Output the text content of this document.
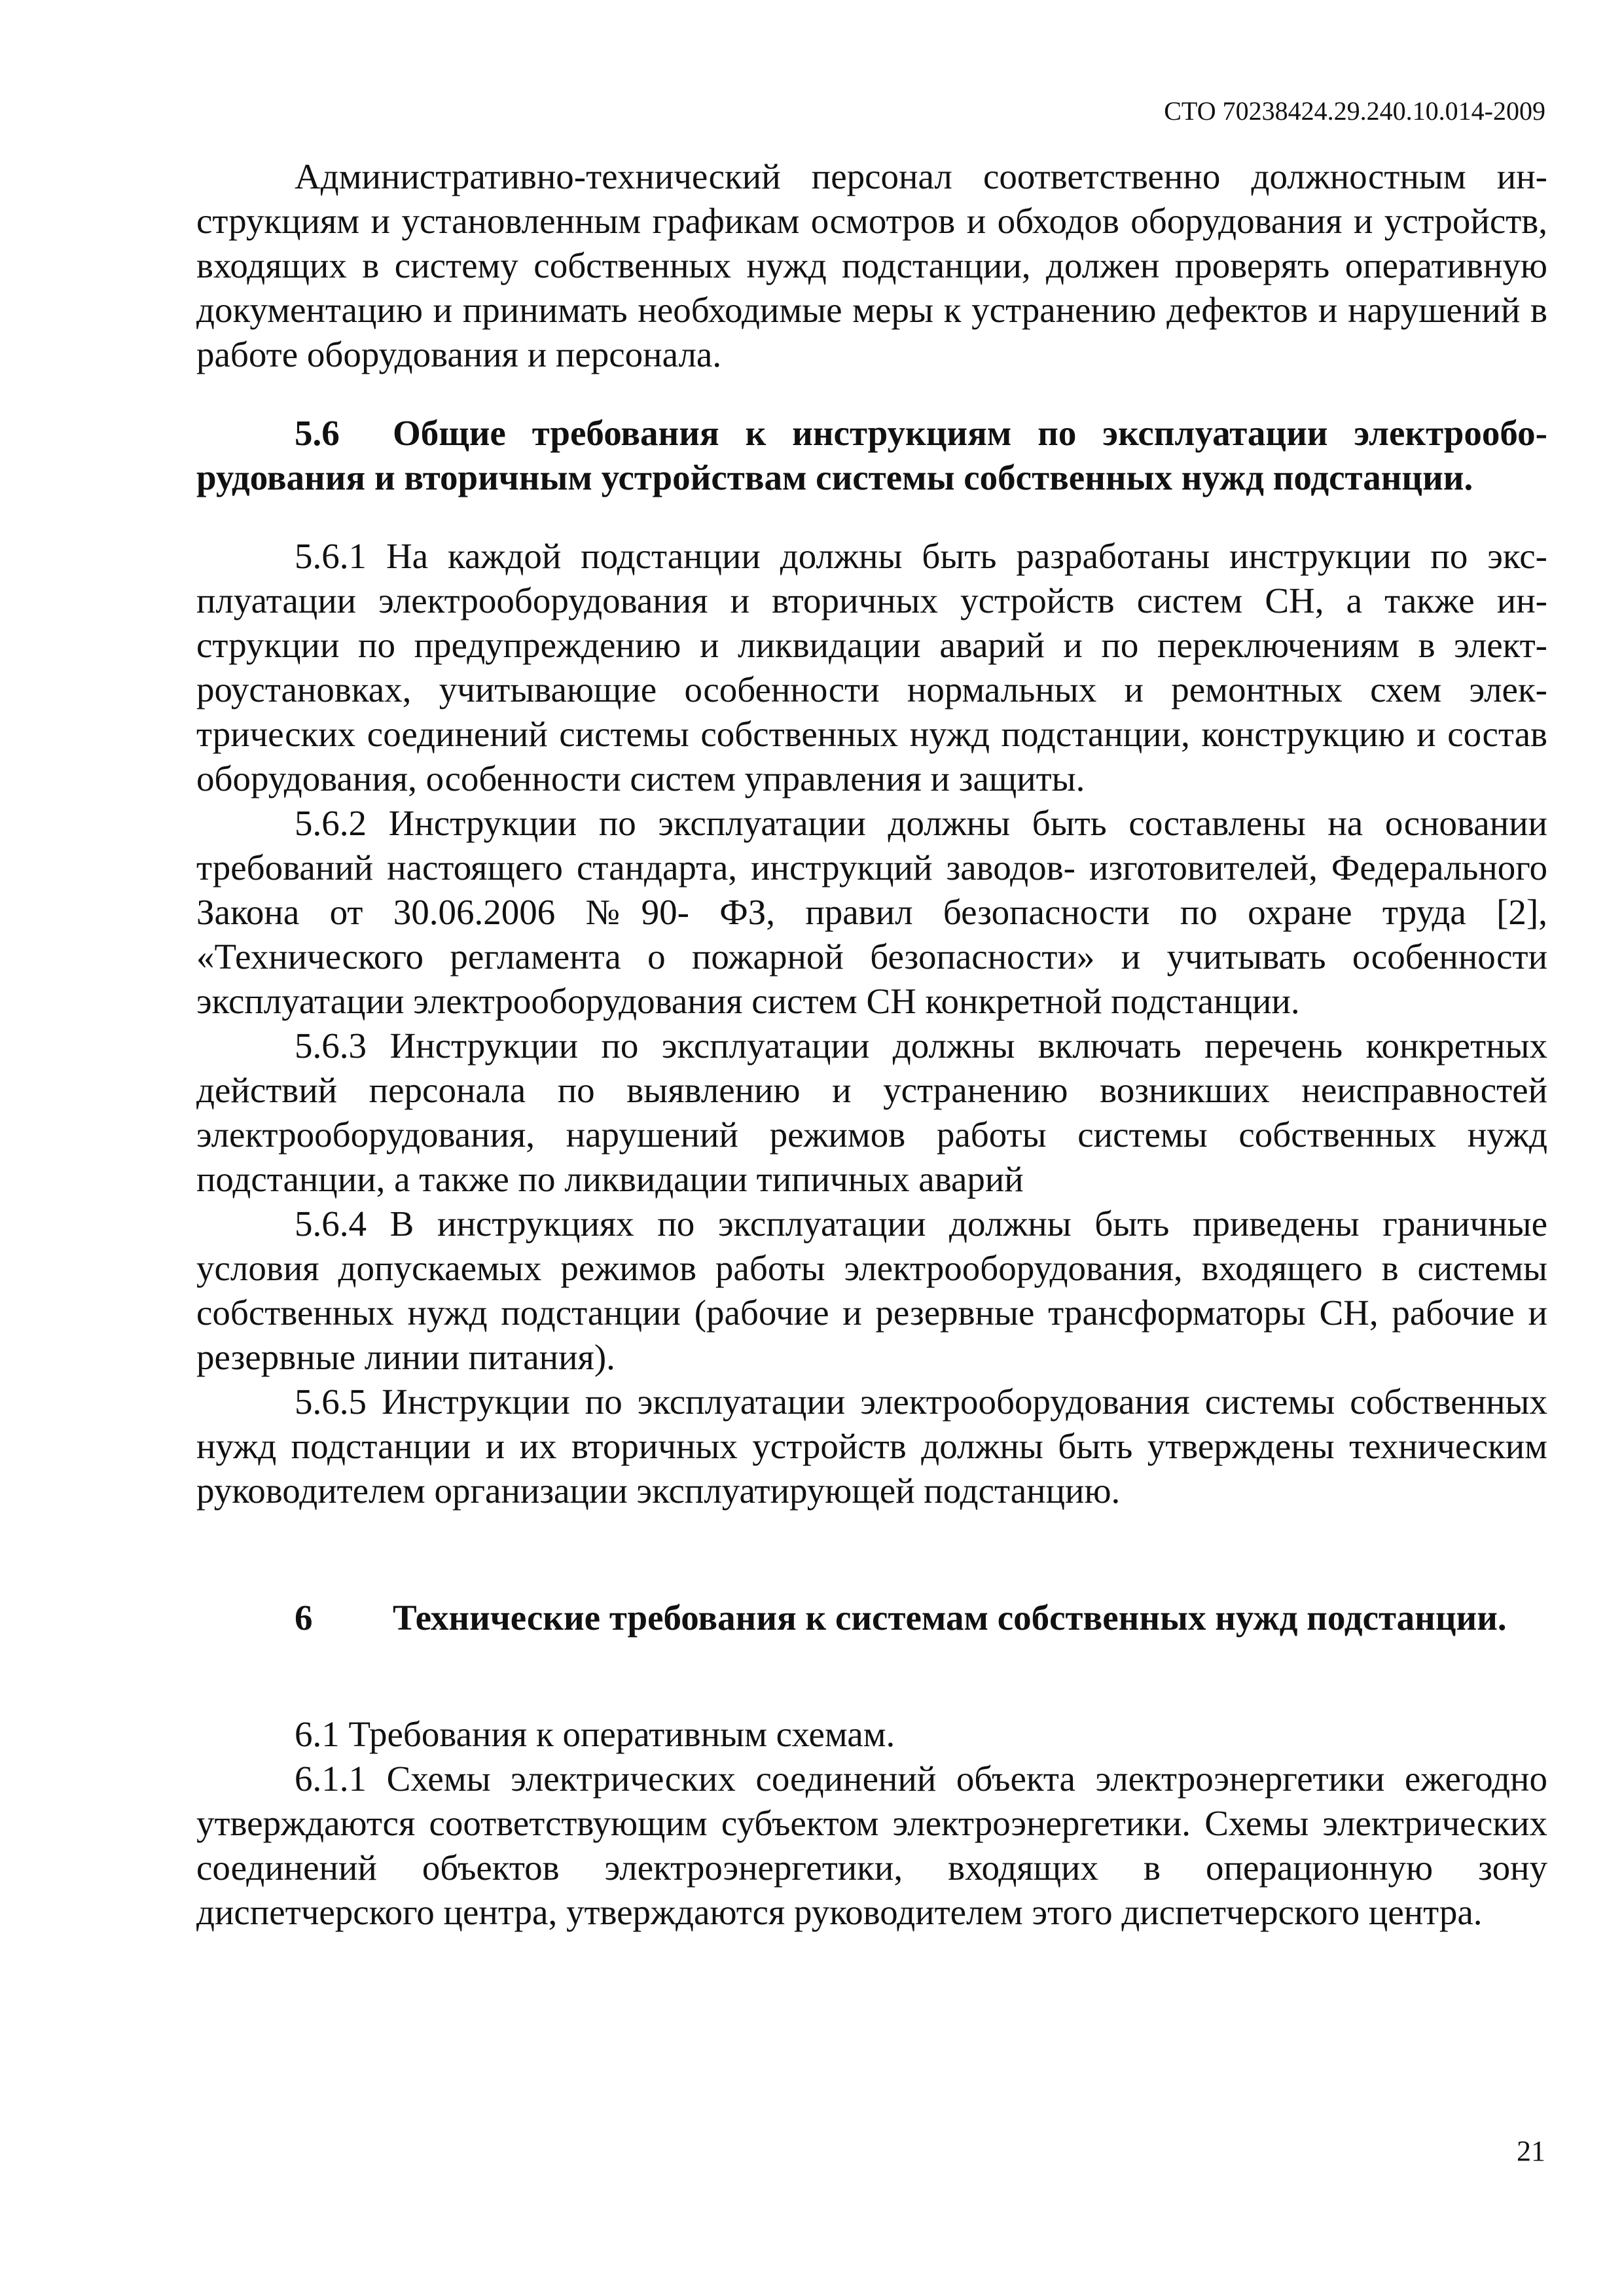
СТО 70238424.29.240.10.014-2009

Административно-технический персонал соответственно должностным инструкциям и установленным графикам осмотров и обходов оборудования и устройств, входящих в систему собственных нужд подстанции, должен проверять оперативную документацию и принимать необходимые меры к устранению дефектов и нарушений в работе оборудования и персонала.

5.6 Общие требования к инструкциям по эксплуатации электрооборудования и вторичным устройствам системы собственных нужд подстанции.

5.6.1 На каждой подстанции должны быть разработаны инструкции по эксплуатации электрооборудования и вторичных устройств систем СН, а также инструкции по предупреждению и ликвидации аварий и по переключениям в электроустановках, учитывающие особенности нормальных и ремонтных схем электрических соединений системы собственных нужд подстанции, конструкцию и состав оборудования, особенности систем управления и защиты.

5.6.2 Инструкции по эксплуатации должны быть составлены на основании требований настоящего стандарта, инструкций заводов- изготовителей, Федерального Закона от 30.06.2006 №90- ФЗ, правил безопасности по охране труда [2], «Технического регламента о пожарной безопасности» и учитывать особенности эксплуатации электрооборудования систем СН конкретной подстанции.

5.6.3 Инструкции по эксплуатации должны включать перечень конкретных действий персонала по выявлению и устранению возникших неисправностей электрооборудования, нарушений режимов работы системы собственных нужд подстанции, а также по ликвидации типичных аварий

5.6.4 В инструкциях по эксплуатации должны быть приведены граничные условия допускаемых режимов работы электрооборудования, входящего в системы собственных нужд подстанции (рабочие и резервные трансформаторы СН, рабочие и резервные линии питания).

5.6.5 Инструкции по эксплуатации электрооборудования системы собственных нужд подстанции и их вторичных устройств должны быть утверждены техническим руководителем организации эксплуатирующей подстанцию.

6 Технические требования к системам собственных нужд подстанции.

6.1 Требования к оперативным схемам.

6.1.1 Схемы электрических соединений объекта электроэнергетики ежегодно утверждаются соответствующим субъектом электроэнергетики. Схемы электрических соединений объектов электроэнергетики, входящих в операционную зону диспетчерского центра, утверждаются руководителем этого диспетчерского центра.

21
